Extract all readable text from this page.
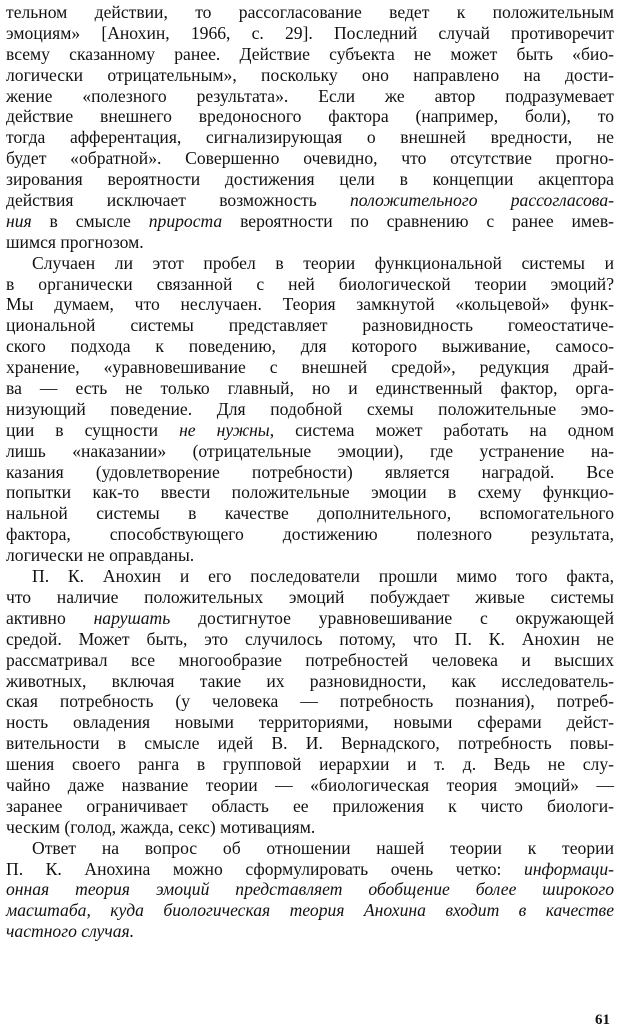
тельном действии, то рассогласование ведет к положительным
эмоциям» [Анохин, 1966, с. 29]. Последний случай противоречит
всему сказанному ранее. Действие субъекта не может быть «био-
логически отрицательным», поскольку оно направлено на дости-
жение «полезного результата». Если же автор подразумевает
действие внешнего вредоносного фактора (например, боли), то
тогда афферентация, сигнализирующая о внешней вредности, не
будет «обратной». Совершенно очевидно, что отсутствие прогно-
зирования вероятности достижения цели в концепции акцептора
действия исключает возможность положительного рассогласова-
ния в смысле прироста вероятности по сравнению с ранее имев-
шимся прогнозом.
Случаен ли этот пробел в теории функциональной системы и
в органически связанной с ней биологической теории эмоций?
Мы думаем, что неслучаен. Теория замкнутой «кольцевой» функ-
циональной системы представляет разновидность гомеостатиче-
ского подхода к поведению, для которого выживание, самосо-
хранение, «уравновешивание с внешней средой», редукция драй-
ва — есть не только главный, но и единственный фактор, орга-
низующий поведение. Для подобной схемы положительные эмо-
ции в сущности не нужны, система может работать на одном
лишь «наказании» (отрицательные эмоции), где устранение на-
казания (удовлетворение потребности) является наградой. Все
попытки как-то ввести положительные эмоции в схему функцио-
нальной системы в качестве дополнительного, вспомогательного
фактора, способствующего достижению полезного результата,
логически не оправданы.
П. К. Анохин и его последователи прошли мимо того факта,
что наличие положительных эмоций побуждает живые системы
активно нарушать достигнутое уравновешивание с окружающей
средой. Может быть, это случилось потому, что П. К. Анохин не
рассматривал все многообразие потребностей человека и высших
животных, включая такие их разновидности, как исследователь-
ская потребность (у человека — потребность познания), потреб-
ность овладения новыми территориями, новыми сферами дейст-
вительности в смысле идей В. И. Вернадского, потребность повы-
шения своего ранга в групповой иерархии и т. д. Ведь не слу-
чайно даже название теории — «биологическая теория эмоций» —
заранее ограничивает область ее приложения к чисто биологи-
ческим (голод, жажда, секс) мотивациям.
Ответ на вопрос об отношении нашей теории к теории
П. К. Анохина можно сформулировать очень четко: информаци-
онная теория эмоций представляет обобщение более широкого
масштаба, куда биологическая теория Анохина входит в качестве
частного случая.
61
